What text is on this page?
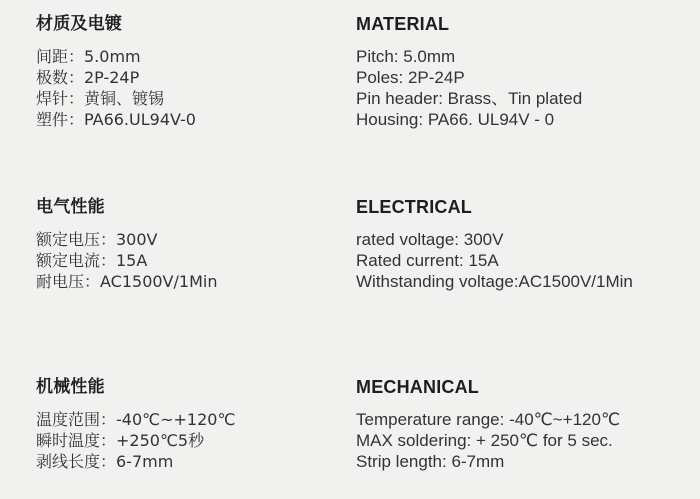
材质及电镀
间距：5.0mm
极数：2P-24P
焊针：黄铜、镀锡
塑件：PA66.UL94V-0
电气性能
额定电压：300V
额定电流：15A
耐电压：AC1500V/1Min
机械性能
温度范围：-40℃~+120℃
瞬时温度：+250℃5秒
剥线长度：6-7mm
MATERIAL
Pitch: 5.0mm
Poles: 2P-24P
Pin header: Brass、Tin plated
Housing: PA66. UL94V - 0
ELECTRICAL
rated voltage: 300V
Rated current: 15A
Withstanding voltage:AC1500V/1Min
MECHANICAL
Temperature range: -40℃~+120℃
MAX soldering: + 250℃ for 5 sec.
Strip length: 6-7mm
